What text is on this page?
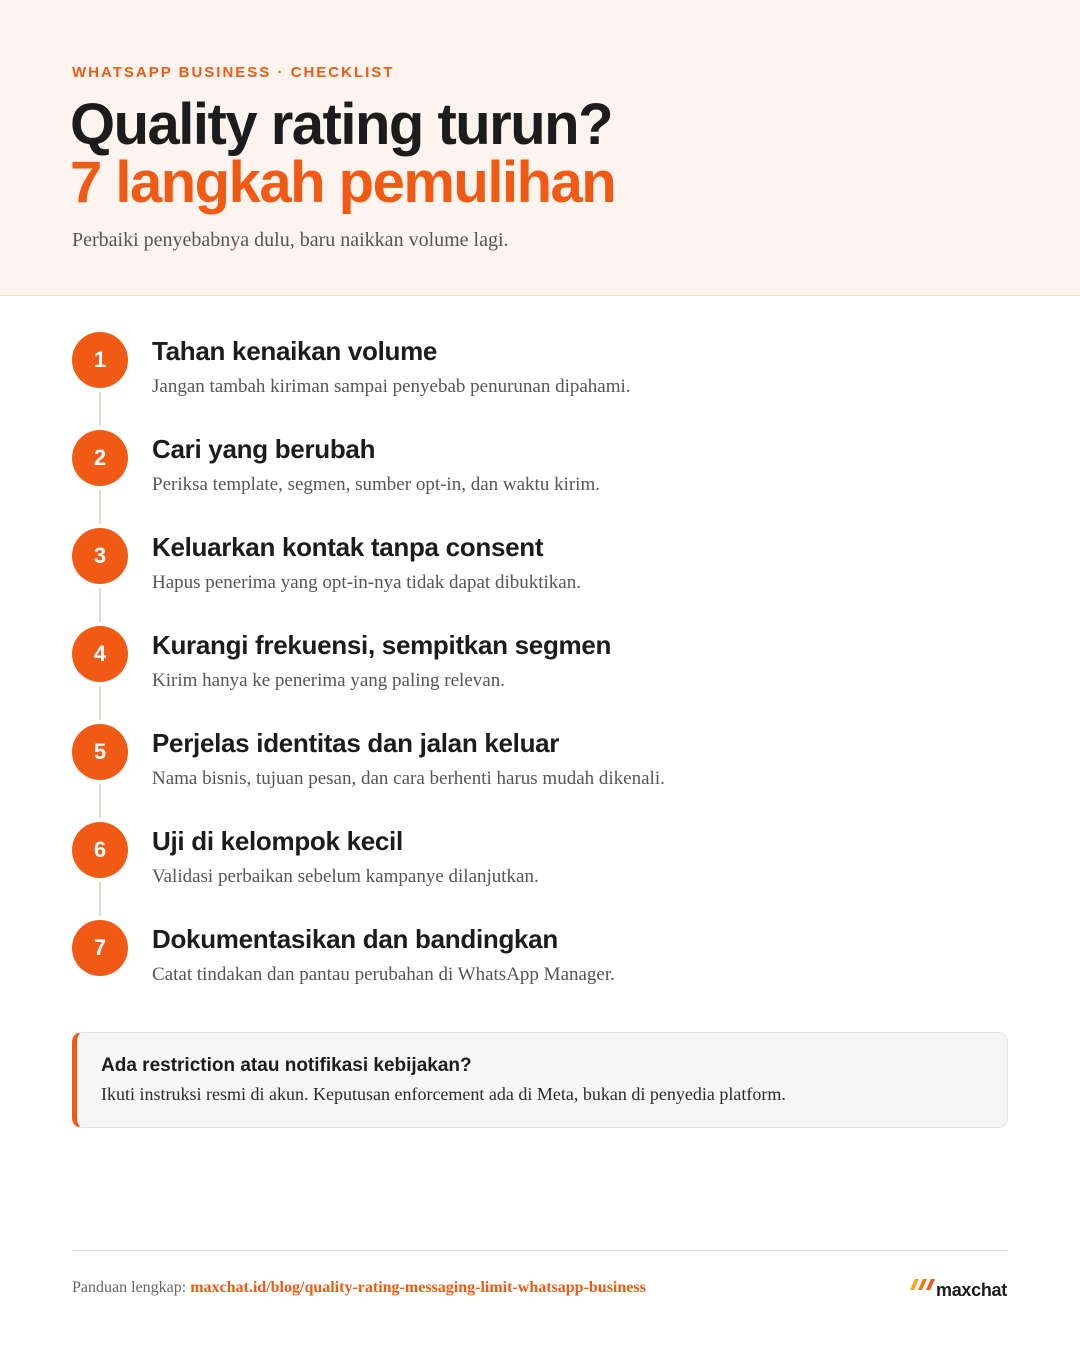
WHATSAPP BUSINESS · CHECKLIST
Quality rating turun?
7 langkah pemulihan
Perbaiki penyebabnya dulu, baru naikkan volume lagi.
1	Tahan kenaikan volume
Jangan tambah kiriman sampai penyebab penurunan dipahami.
2	Cari yang berubah
Periksa template, segmen, sumber opt-in, dan waktu kirim.
3	Keluarkan kontak tanpa consent
Hapus penerima yang opt-in-nya tidak dapat dibuktikan.
4	Kurangi frekuensi, sempitkan segmen
Kirim hanya ke penerima yang paling relevan.
5	Perjelas identitas dan jalan keluar
Nama bisnis, tujuan pesan, dan cara berhenti harus mudah dikenali.
6	Uji di kelompok kecil
Validasi perbaikan sebelum kampanye dilanjutkan.
7	Dokumentasikan dan bandingkan
Catat tindakan dan pantau perubahan di WhatsApp Manager.
Ada restriction atau notifikasi kebijakan?
Ikuti instruksi resmi di akun. Keputusan enforcement ada di Meta, bukan di penyedia platform.
Panduan lengkap: maxchat.id/blog/quality-rating-messaging-limit-whatsapp-business	maxchat
